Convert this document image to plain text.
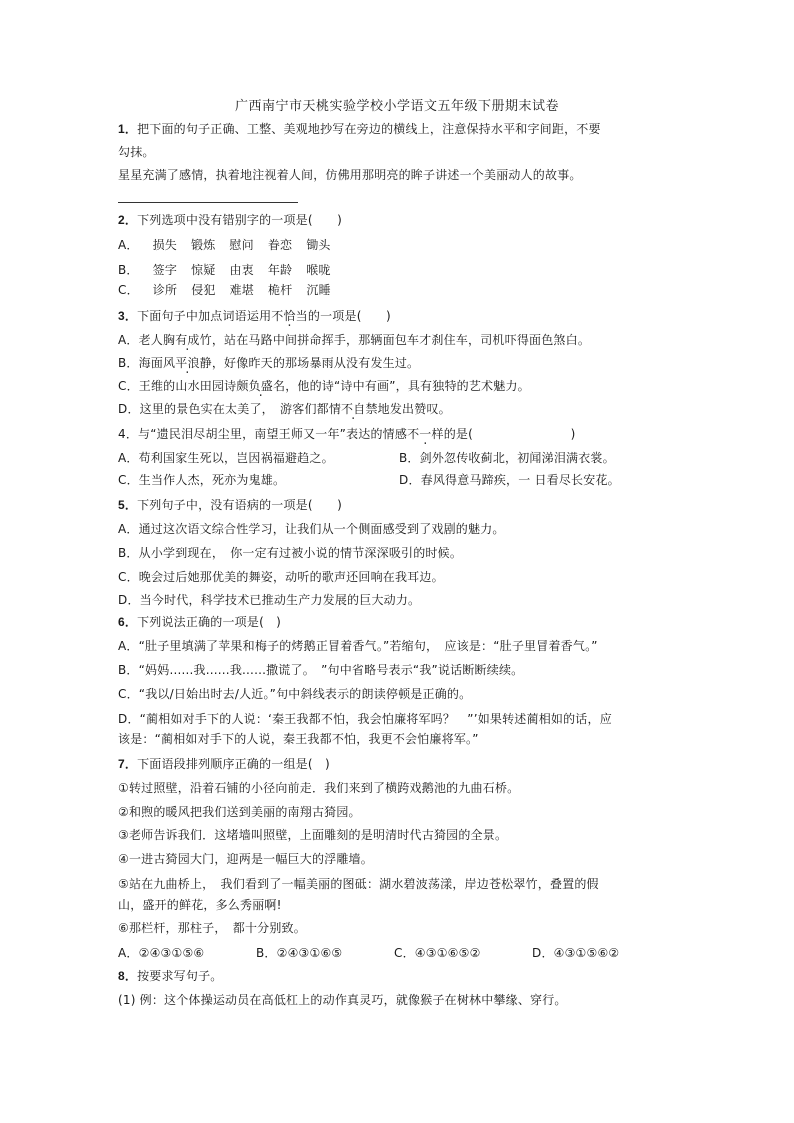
广西南宁市天桃实验学校小学语文五年级下册期末试卷
1．把下面的句子正确、工整、美观地抄写在旁边的横线上，注意保持水平和字间距，不要
勾抹。
星星充满了感情，执着地注视着人间，仿佛用那明亮的眸子讲述一个美丽动人的故事。
2．下列选项中没有错别字的一项是(　　)
A． 损失 锻炼 慰问 眷恋 锄头
B． 签字 惊疑 由衷 年龄 喉咙
C． 诊所 侵犯 难堪 桅杆 沉睡
3．下面句子中加点词语运用不恰当的一项是(　　)
A．老人胸有成竹，站在马路中间拼命挥手，那辆面包车才刹住车，司机吓得面色煞白。
B．海面风平浪静，好像昨天的那场暴雨从没有发生过。
C．王维的山水田园诗颇负盛名，他的诗“诗中有画”，具有独特的艺术魅力。
D．这里的景色实在太美了，　游客们都情不自禁地发出赞叹。
4．与“遗民泪尽胡尘里，南望王师又一年”表达的情感不一样的是(　　　　　　　　)
A．苟利国家生死以，岂因祸福避趋之。	B．剑外忽传收蓟北，初闻涕泪满衣裳。
C．生当作人杰，死亦为鬼雄。	D．春风得意马蹄疾，一 日看尽长安花。
5．下列句子中，没有语病的一项是(　　)
A．通过这次语文综合性学习，让我们从一个侧面感受到了戏剧的魅力。
B．从小学到现在，　你一定有过被小说的情节深深吸引的时候。
C．晚会过后她那优美的舞姿，动听的歌声还回响在我耳边。
D．当今时代，科学技术已推动生产力发展的巨大动力。
6．下列说法正确的一项是(　)
A．“肚子里填满了苹果和梅子的烤鹅正冒着香气。”若缩句，　应该是：“肚子里冒着香气。”
B．“妈妈......我......我......撒谎了。　”句中省略号表示“我”说话断断续续。
C．“我以/日始出时去/人近。”句中斜线表示的朗读停顿是正确的。
D．“蔺相如对手下的人说：‘秦王我都不怕，我会怕廉将军吗？　”’如果转述蔺相如的话，应
该是：“蔺相如对手下的人说，秦王我都不怕，我更不会怕廉将军。”
7．下面语段排列顺序正确的一组是(　)
①转过照壁，沿着石铺的小径向前走．我们来到了横跨戏鹅池的九曲石桥。
②和煦的暖风把我们送到美丽的南翔古猗园。
③老师告诉我们．这堵墙叫照壁，上面雕刻的是明清时代古猗园的全景。
④一进古猗园大门，迎两是一幅巨大的浮雕墙。
⑤站在九曲桥上，　我们看到了一幅美丽的图砥：湖水碧波荡漾，岸边苍松翠竹，叠置的假
山，盛开的鲜花，多么秀丽啊!
⑥那栏杆，那柱子，　都十分别致。
A．②④③①⑤⑥	B．②④③①⑥⑤	C．④③①⑥⑤②	D．④③①⑤⑥②
8．按要求写句子。
(1) 例：这个体操运动员在高低杠上的动作真灵巧，就像猴子在树林中攀缘、穿行。
